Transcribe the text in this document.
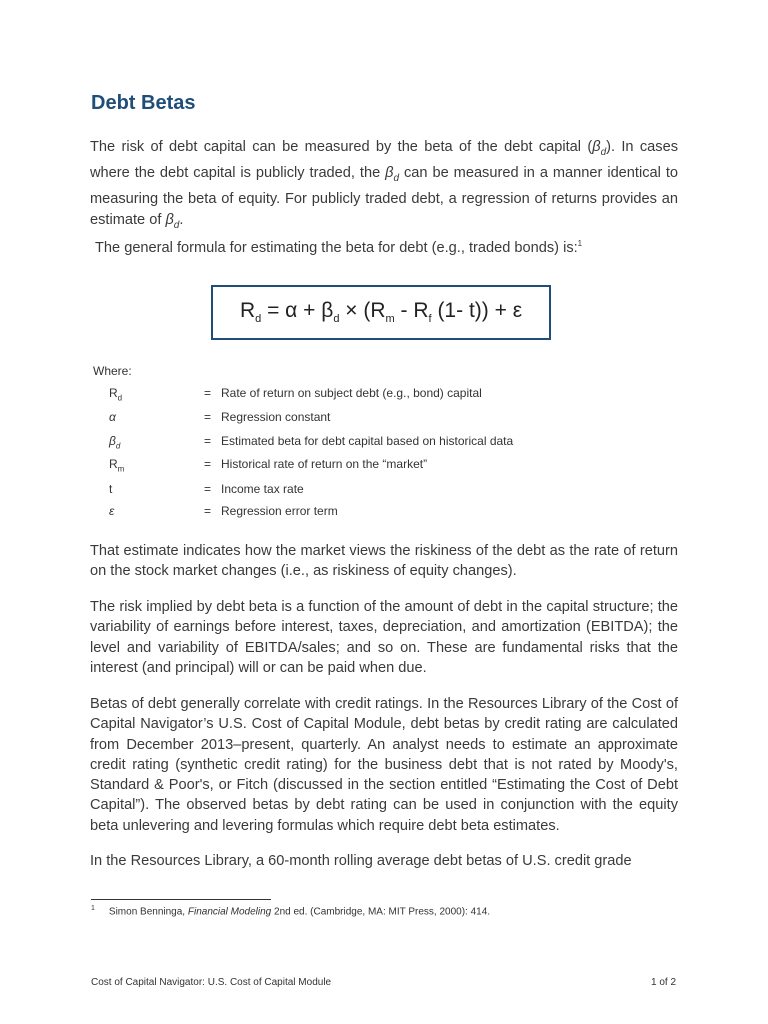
Debt Betas
The risk of debt capital can be measured by the beta of the debt capital $(\beta_d)$. In cases where the debt capital is publicly traded, the $\beta_d$ can be measured in a manner identical to measuring the beta of equity. For publicly traded debt, a regression of returns provides an estimate of $\beta_d$.
The general formula for estimating the beta for debt (e.g., traded bonds) is:$^1$
$R_d = \alpha + \beta_d \times (R_m - R_f$ (1- t)) + ε
Where:
$R_d$	= Rate of return on subject debt (e.g., bond) capital
α	= Regression constant
$\beta_d$	= Estimated beta for debt capital based on historical data
$R_m$	= Historical rate of return on the “market”
t	= Income tax rate
ε	= Regression error term
That estimate indicates how the market views the riskiness of the debt as the rate of return on the stock market changes (i.e., as riskiness of equity changes).
The risk implied by debt beta is a function of the amount of debt in the capital structure; the variability of earnings before interest, taxes, depreciation, and amortization (EBITDA); the level and variability of EBITDA/sales; and so on. These are fundamental risks that the interest (and principal) will or can be paid when due.
Betas of debt generally correlate with credit ratings. In the Resources Library of the Cost of Capital Navigator’s U.S. Cost of Capital Module, debt betas by credit rating are calculated from December 2013–present, quarterly. An analyst needs to estimate an approximate credit rating (synthetic credit rating) for the business debt that is not rated by Moody's, Standard & Poor's, or Fitch (discussed in the section entitled “Estimating the Cost of Debt Capital”). The observed betas by debt rating can be used in conjunction with the equity beta unlevering and levering formulas which require debt beta estimates.
In the Resources Library, a 60-month rolling average debt betas of U.S. credit grade
$^1$ Simon Benninga, Financial Modeling 2nd ed. (Cambridge, MA: MIT Press, 2000): 414.
Cost of Capital Navigator: U.S. Cost of Capital Module	1 of 2
